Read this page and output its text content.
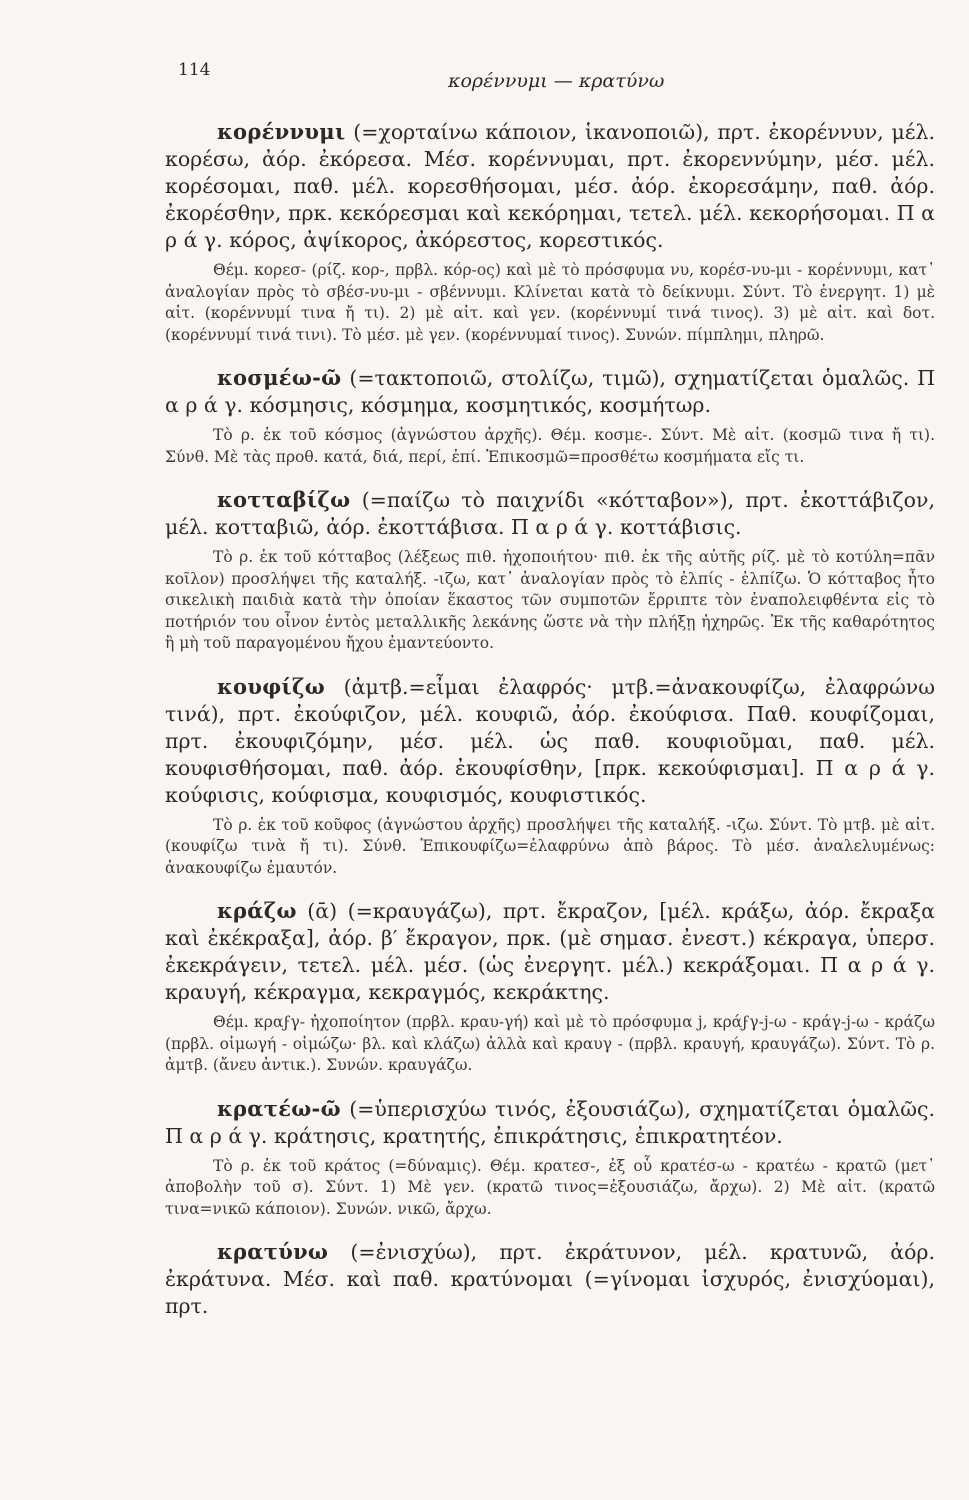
114	κορέννυμι — κρατύνω

κορέννυμι (=χορταίνω κάποιον, ἱκανοποιῶ), πρτ. ἐκορέννυν, μέλ. κορέσω, ἀόρ. ἐκόρεσα. Μέσ. κορέννυμαι, πρτ. ἐκορεννύμην, μέσ. μέλ. κορέσομαι, παθ. μέλ. κορεσθήσομαι, μέσ. ἀόρ. ἐκορεσάμην, παθ. ἀόρ. ἐκορέσθην, πρκ. κεκόρεσμαι καὶ κεκόρημαι, τετελ. μέλ. κεκορήσομαι. Π α ρ ά γ. κόρος, ἀψίκορος, ἀκόρεστος, κορεστικός.

Θέμ. κορεσ- (ρίζ. κορ-, πρβλ. κόρ-ος) καὶ μὲ τὸ πρόσφυμα νυ, κορέσ-νυ-μι - κορέννυμι, κατ᾽ ἀναλογίαν πρὸς τὸ σβέσ-νυ-μι - σβέννυμι. Κλίνεται κατὰ τὸ δείκνυμι. Σύντ. Τὸ ἐνεργητ. 1) μὲ αἰτ. (κορέννυμί τινα ἤ τι). 2) μὲ αἰτ. καὶ γεν. (κορέννυμί τινά τινος). 3) μὲ αἰτ. καὶ δοτ. (κορέννυμί τινά τινι). Τὸ μέσ. μὲ γεν. (κορέννυμαί τινος). Συνών. πίμπλημι, πληρῶ.

κοσμέω-ῶ (=τακτοποιῶ, στολίζω, τιμῶ), σχηματίζεται ὁμαλῶς. Π α ρ ά γ. κόσμησις, κόσμημα, κοσμητικός, κοσμήτωρ.

Τὸ ρ. ἐκ τοῦ κόσμος (ἀγνώστου ἀρχῆς). Θέμ. κοσμε-. Σύντ. Μὲ αἰτ. (κοσμῶ τινα ἤ τι). Σύνθ. Μὲ τὰς προθ. κατά, διά, περί, ἐπί. Ἐπικοσμῶ=προσθέτω κοσμήματα εἴς τι.

κοτταβίζω (=παίζω τὸ παιχνίδι «κότταβον»), πρτ. ἐκοττάβιζον, μέλ. κοτταβιῶ, ἀόρ. ἐκοττάβισα. Π α ρ ά γ. κοττάβισις.

Τὸ ρ. ἐκ τοῦ κότταβος (λέξεως πιθ. ἠχοποιήτου· πιθ. ἐκ τῆς αὐτῆς ρίζ. μὲ τὸ κοτύλη=πᾶν κοῖλον) προσλήψει τῆς καταλήξ. -ιζω, κατ᾽ ἀναλογίαν πρὸς τὸ ἐλπίς - ἐλπίζω. Ὁ κότταβος ἦτο σικελικὴ παιδιὰ κατὰ τὴν ὁποίαν ἕκαστος τῶν συμποτῶν ἔρριπτε τὸν ἐναπολειφθέντα εἰς τὸ ποτήριόν του οἶνον ἐντὸς μεταλλικῆς λεκάνης ὥστε νὰ τὴν πλήξῃ ἠχηρῶς. Ἐκ τῆς καθαρότητος ἢ μὴ τοῦ παραγομένου ἤχου ἐμαντεύοντο.

κουφίζω (ἀμτβ.=εἶμαι ἐλαφρός· μτβ.=ἀνακουφίζω, ἐλαφρώνω τινά), πρτ. ἐκούφιζον, μέλ. κουφιῶ, ἀόρ. ἐκούφισα. Παθ. κουφίζομαι, πρτ. ἐκουφιζόμην, μέσ. μέλ. ὡς παθ. κουφιοῦμαι, παθ. μέλ. κουφισθήσομαι, παθ. ἀόρ. ἐκουφίσθην, [πρκ. κεκούφισμαι]. Π α ρ ά γ. κούφισις, κούφισμα, κουφισμός, κουφιστικός.

Τὸ ρ. ἐκ τοῦ κοῦφος (ἀγνώστου ἀρχῆς) προσλήψει τῆς καταλήξ. -ιζω. Σύντ. Τὸ μτβ. μὲ αἰτ. (κουφίζω τινὰ ἤ τι). Σύνθ. Ἐπικουφίζω=ἐλαφρύνω ἀπὸ βάρος. Τὸ μέσ. ἀναλελυμένως: ἀνακουφίζω ἐμαυτόν.

κράζω (ᾱ) (=κραυγάζω), πρτ. ἔκραζον, [μέλ. κράξω, ἀόρ. ἔκραξα καὶ ἐκέκραξα], ἀόρ. β′ ἔκραγον, πρκ. (μὲ σημασ. ἐνεστ.) κέκραγα, ὑπερσ. ἐκεκράγειν, τετελ. μέλ. μέσ. (ὡς ἐνεργητ. μέλ.) κεκράξομαι. Π α ρ ά γ. κραυγή, κέκραγμα, κεκραγμός, κεκράκτης.

Θέμ. κραϝγ- ἠχοποίητον (πρβλ. κραυ-γή) καὶ μὲ τὸ πρόσφυμα j, κράϝγ-j-ω - κράγ-j-ω - κράζω (πρβλ. οἰμωγή - οἰμώζω· βλ. καὶ κλάζω) ἀλλὰ καὶ κραυγ - (πρβλ. κραυγή, κραυγάζω). Σύντ. Τὸ ρ. ἀμτβ. (ἄνευ ἀντικ.). Συνών. κραυγάζω.

κρατέω-ῶ (=ὑπερισχύω τινός, ἐξουσιάζω), σχηματίζεται ὁμαλῶς. Π α ρ ά γ. κράτησις, κρατητής, ἐπικράτησις, ἐπικρατητέον.

Τὸ ρ. ἐκ τοῦ κράτος (=δύναμις). Θέμ. κρατεσ-, ἐξ οὗ κρατέσ-ω - κρατέω - κρατῶ (μετ᾽ ἀποβολὴν τοῦ σ). Σύντ. 1) Μὲ γεν. (κρατῶ τινος=ἐξουσιάζω, ἄρχω). 2) Μὲ αἰτ. (κρατῶ τινα=νικῶ κάποιον). Συνών. νικῶ, ἄρχω.

κρατύνω (=ἐνισχύω), πρτ. ἐκράτυνον, μέλ. κρατυνῶ, ἀόρ. ἐκράτυνα. Μέσ. καὶ παθ. κρατύνομαι (=γίνομαι ἰσχυρός, ἐνισχύομαι), πρτ.
